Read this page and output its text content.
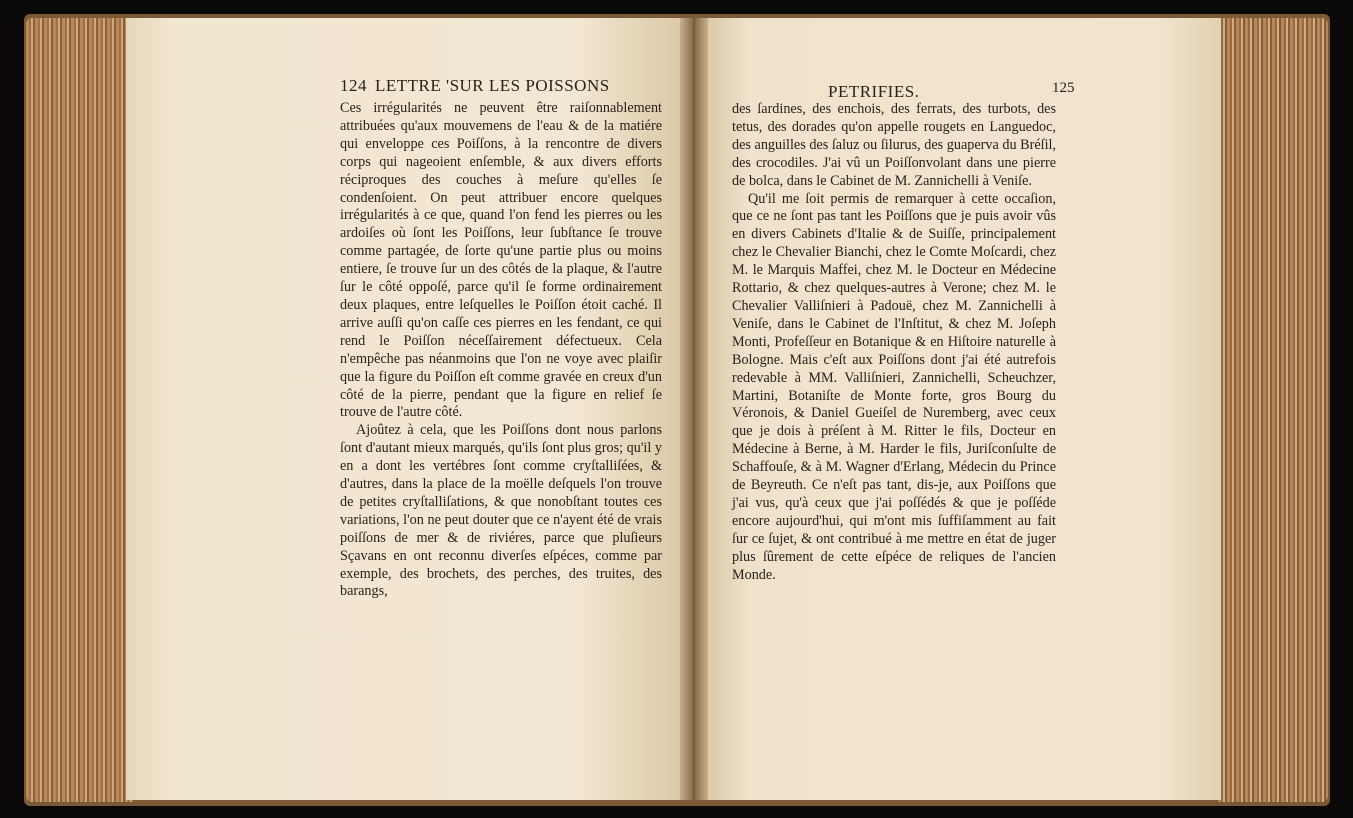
124 LETTRE 'SUR LES POISSONS

Ces irrégularités ne peuvent être raiſonnablement attribuées qu'aux mouvemens de l'eau & de la matiére qui enveloppe ces Poiſſons, à la rencontre de divers corps qui nageoient enſemble, & aux divers efforts réciproques des couches à meſure qu'elles ſe condenſoient. On peut attribuer encore quelques irrégularités à ce que, quand l'on fend les pierres ou les ardoiſes où ſont les Poiſſons, leur ſubſtance ſe trouve comme partagée, de ſorte qu'une partie plus ou moins entiere, ſe trouve ſur un des côtés de la plaque, & l'autre ſur le côté oppoſé, parce qu'il ſe forme ordinairement deux plaques, entre leſquelles le Poiſſon étoit caché. Il arrive auſſi qu'on caſſe ces pierres en les fendant, ce qui rend le Poiſſon néceſſairement défectueux. Cela n'empêche pas néanmoins que l'on ne voye avec plaiſir que la figure du Poiſſon eſt comme gravée en creux d'un côté de la pierre, pendant que la figure en relief ſe trouve de l'autre côté.

Ajoûtez à cela, que les Poiſſons dont nous parlons ſont d'autant mieux marqués, qu'ils ſont plus gros; qu'il y en a dont les vertébres ſont comme cryſtalliſées, & d'autres, dans la place de la moëlle deſquels l'on trouve de petites cryſtalliſations, & que nonobſtant toutes ces variations, l'on ne peut douter que ce n'ayent été de vrais poiſſons de mer & de riviéres, parce que pluſieurs Sçavans en ont reconnu diverſes eſpéces, comme par exemple, des brochets, des perches, des truites, des barangs,

PETRIFIES.	125

des ſardines, des enchois, des ferrats, des turbots, des tetus, des dorades qu'on appelle rougets en Languedoc, des anguilles des ſaluz ou ſilurus, des guaperva du Bréſil, des crocodiles. J'ai vû un Poiſſonvolant dans une pierre de bolca, dans le Cabinet de M. Zannichelli à Veniſe.

Qu'il me ſoit permis de remarquer à cette occaſion, que ce ne ſont pas tant les Poiſſons que je puis avoir vûs en divers Cabinets d'Italie & de Suiſſe, principalement chez le Chevalier Bianchi, chez le Comte Moſcardi, chez M. le Marquis Maffei, chez M. le Docteur en Médecine Rottario, & chez quelques-autres à Verone; chez M. le Chevalier Valliſnieri à Padouë, chez M. Zannichelli à Veniſe, dans le Cabinet de l'Inſtitut, & chez M. Joſeph Monti, Profeſſeur en Botanique & en Hiſtoire naturelle à Bologne. Mais c'eſt aux Poiſſons dont j'ai été autrefois redevable à MM. Valliſnieri, Zannichelli, Scheuchzer, Martini, Botaniſte de Monte forte, gros Bourg du Véronois, & Daniel Gueiſel de Nuremberg, avec ceux que je dois à préſent à M. Ritter le fils, Docteur en Médecine à Berne, à M. Harder le fils, Juriſconſulte de Schaffouſe, & à M. Wagner d'Erlang, Médecin du Prince de Beyreuth. Ce n'eſt pas tant, dis-je, aux Poiſſons que j'ai vus, qu'à ceux que j'ai poſſédés & que je poſſéde encore aujourd'hui, qui m'ont mis ſuffiſamment au fait ſur ce ſujet, & ont contribué à me mettre en état de juger plus ſûrement de cette eſpéce de reliques de l'ancien Monde.
